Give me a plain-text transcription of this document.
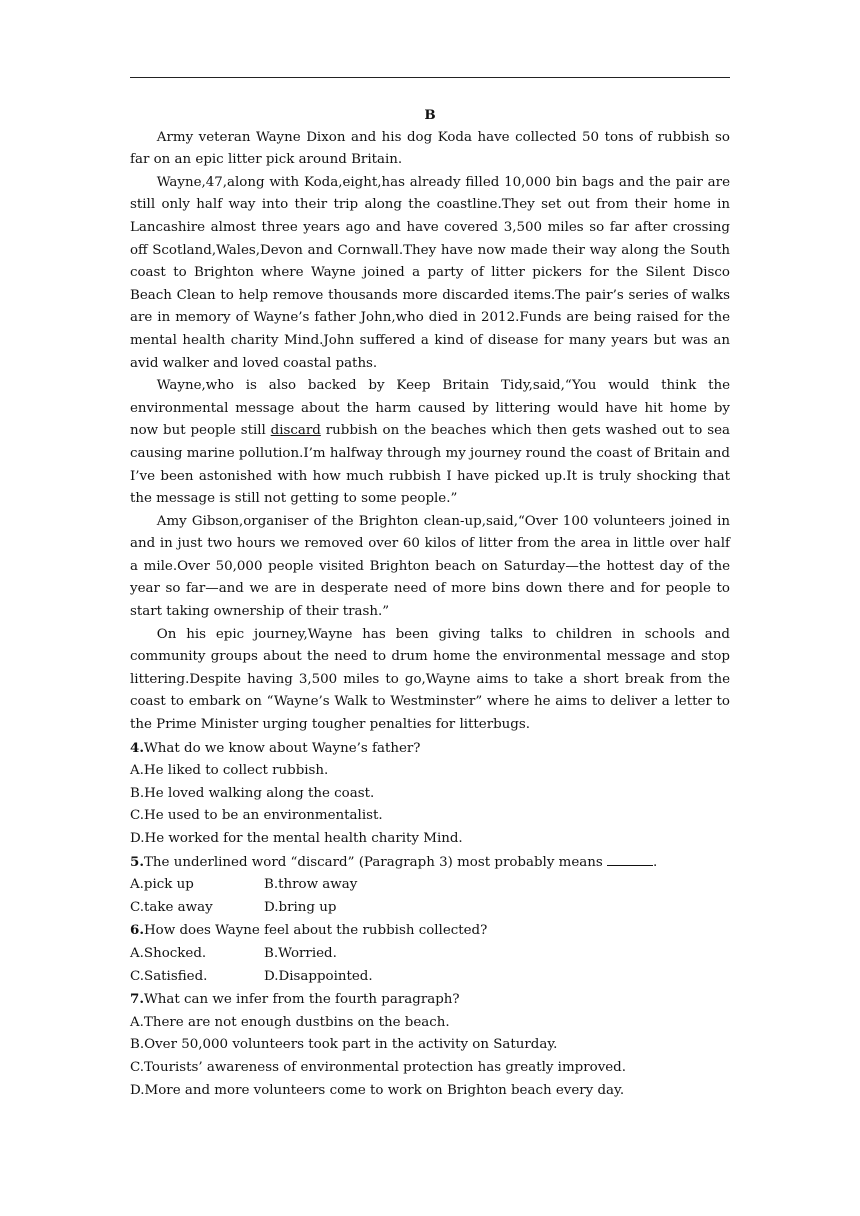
B

Army veteran Wayne Dixon and his dog Koda have collected 50 tons of rubbish so far on an epic litter pick around Britain.

Wayne,47,along with Koda,eight,has already filled 10,000 bin bags and the pair are still only half way into their trip along the coastline.They set out from their home in Lancashire almost three years ago and have covered 3,500 miles so far after crossing off Scotland,Wales,Devon and Cornwall.They have now made their way along the South coast to Brighton where Wayne joined a party of litter pickers for the Silent Disco Beach Clean to help remove thousands more discarded items.The pair’s series of walks are in memory of Wayne’s father John,who died in 2012.Funds are being raised for the mental health charity Mind.John suffered a kind of disease for many years but was an avid walker and loved coastal paths.

Wayne,who is also backed by Keep Britain Tidy,said,“You would think the environmental message about the harm caused by littering would have hit home by now but people still discard rubbish on the beaches which then gets washed out to sea causing marine pollution.I’m halfway through my journey round the coast of Britain and I’ve been astonished with how much rubbish I have picked up.It is truly shocking that the message is still not getting to some people.”

Amy Gibson,organiser of the Brighton clean-up,said,“Over 100 volunteers joined in and in just two hours we removed over 60 kilos of litter from the area in little over half a mile.Over 50,000 people visited Brighton beach on Saturday—the hottest day of the year so far—and we are in desperate need of more bins down there and for people to start taking ownership of their trash.”

On his epic journey,Wayne has been giving talks to children in schools and community groups about the need to drum home the environmental message and stop littering.Despite having 3,500 miles to go,Wayne aims to take a short break from the coast to embark on “Wayne’s Walk to Westminster” where he aims to deliver a letter to the Prime Minister urging tougher penalties for litterbugs.

4.What do we know about Wayne’s father?
A.He liked to collect rubbish.
B.He loved walking along the coast.
C.He used to be an environmentalist.
D.He worked for the mental health charity Mind.
5.The underlined word “discard” (Paragraph 3) most probably means	.
A.pick up	B.throw away
C.take away	D.bring up
6.How does Wayne feel about the rubbish collected?
A.Shocked.	B.Worried.
C.Satisfied.	D.Disappointed.
7.What can we infer from the fourth paragraph?
A.There are not enough dustbins on the beach.
B.Over 50,000 volunteers took part in the activity on Saturday.
C.Tourists’ awareness of environmental protection has greatly improved.
D.More and more volunteers come to work on Brighton beach every day.
